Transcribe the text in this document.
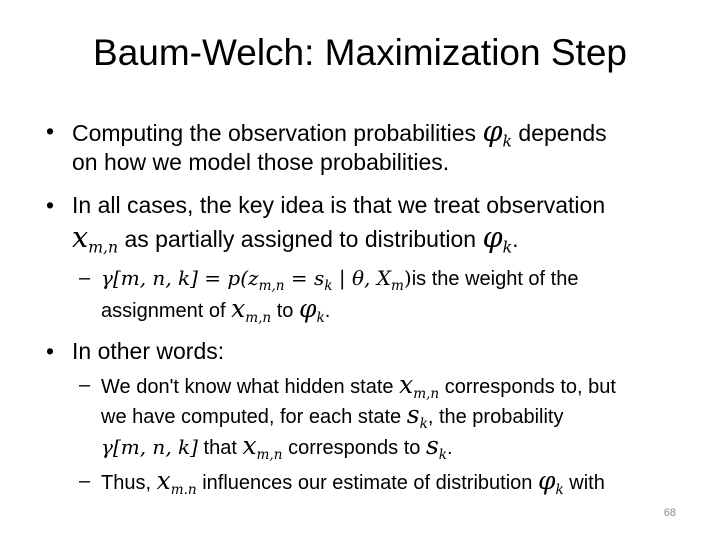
Baum-Welch: Maximization Step
• Computing the observation probabilities $\varphi_k$ depends
on how we model those probabilities.
• In all cases, the key idea is that we treat observation
$x_{m,n}$ as partially assigned to distribution $\varphi_k$.
– γ[m, n, $k] = p(z_{m,n} = s_k$ | θ, $X_m)is$ the weight of the
assignment of $x_{m,n}$ to $\varphi_k$.
• In other words:
– We don't know what hidden state $x_{m,n}$ corresponds to, but
we have computed, for each state $s_k$, the probability
γ[m, n, k] that $x_{m,n}$ corresponds to $s_k$.
– Thus, $x_{m.n}$ influences our estimate of distribution $\varphi_k$ with
68
